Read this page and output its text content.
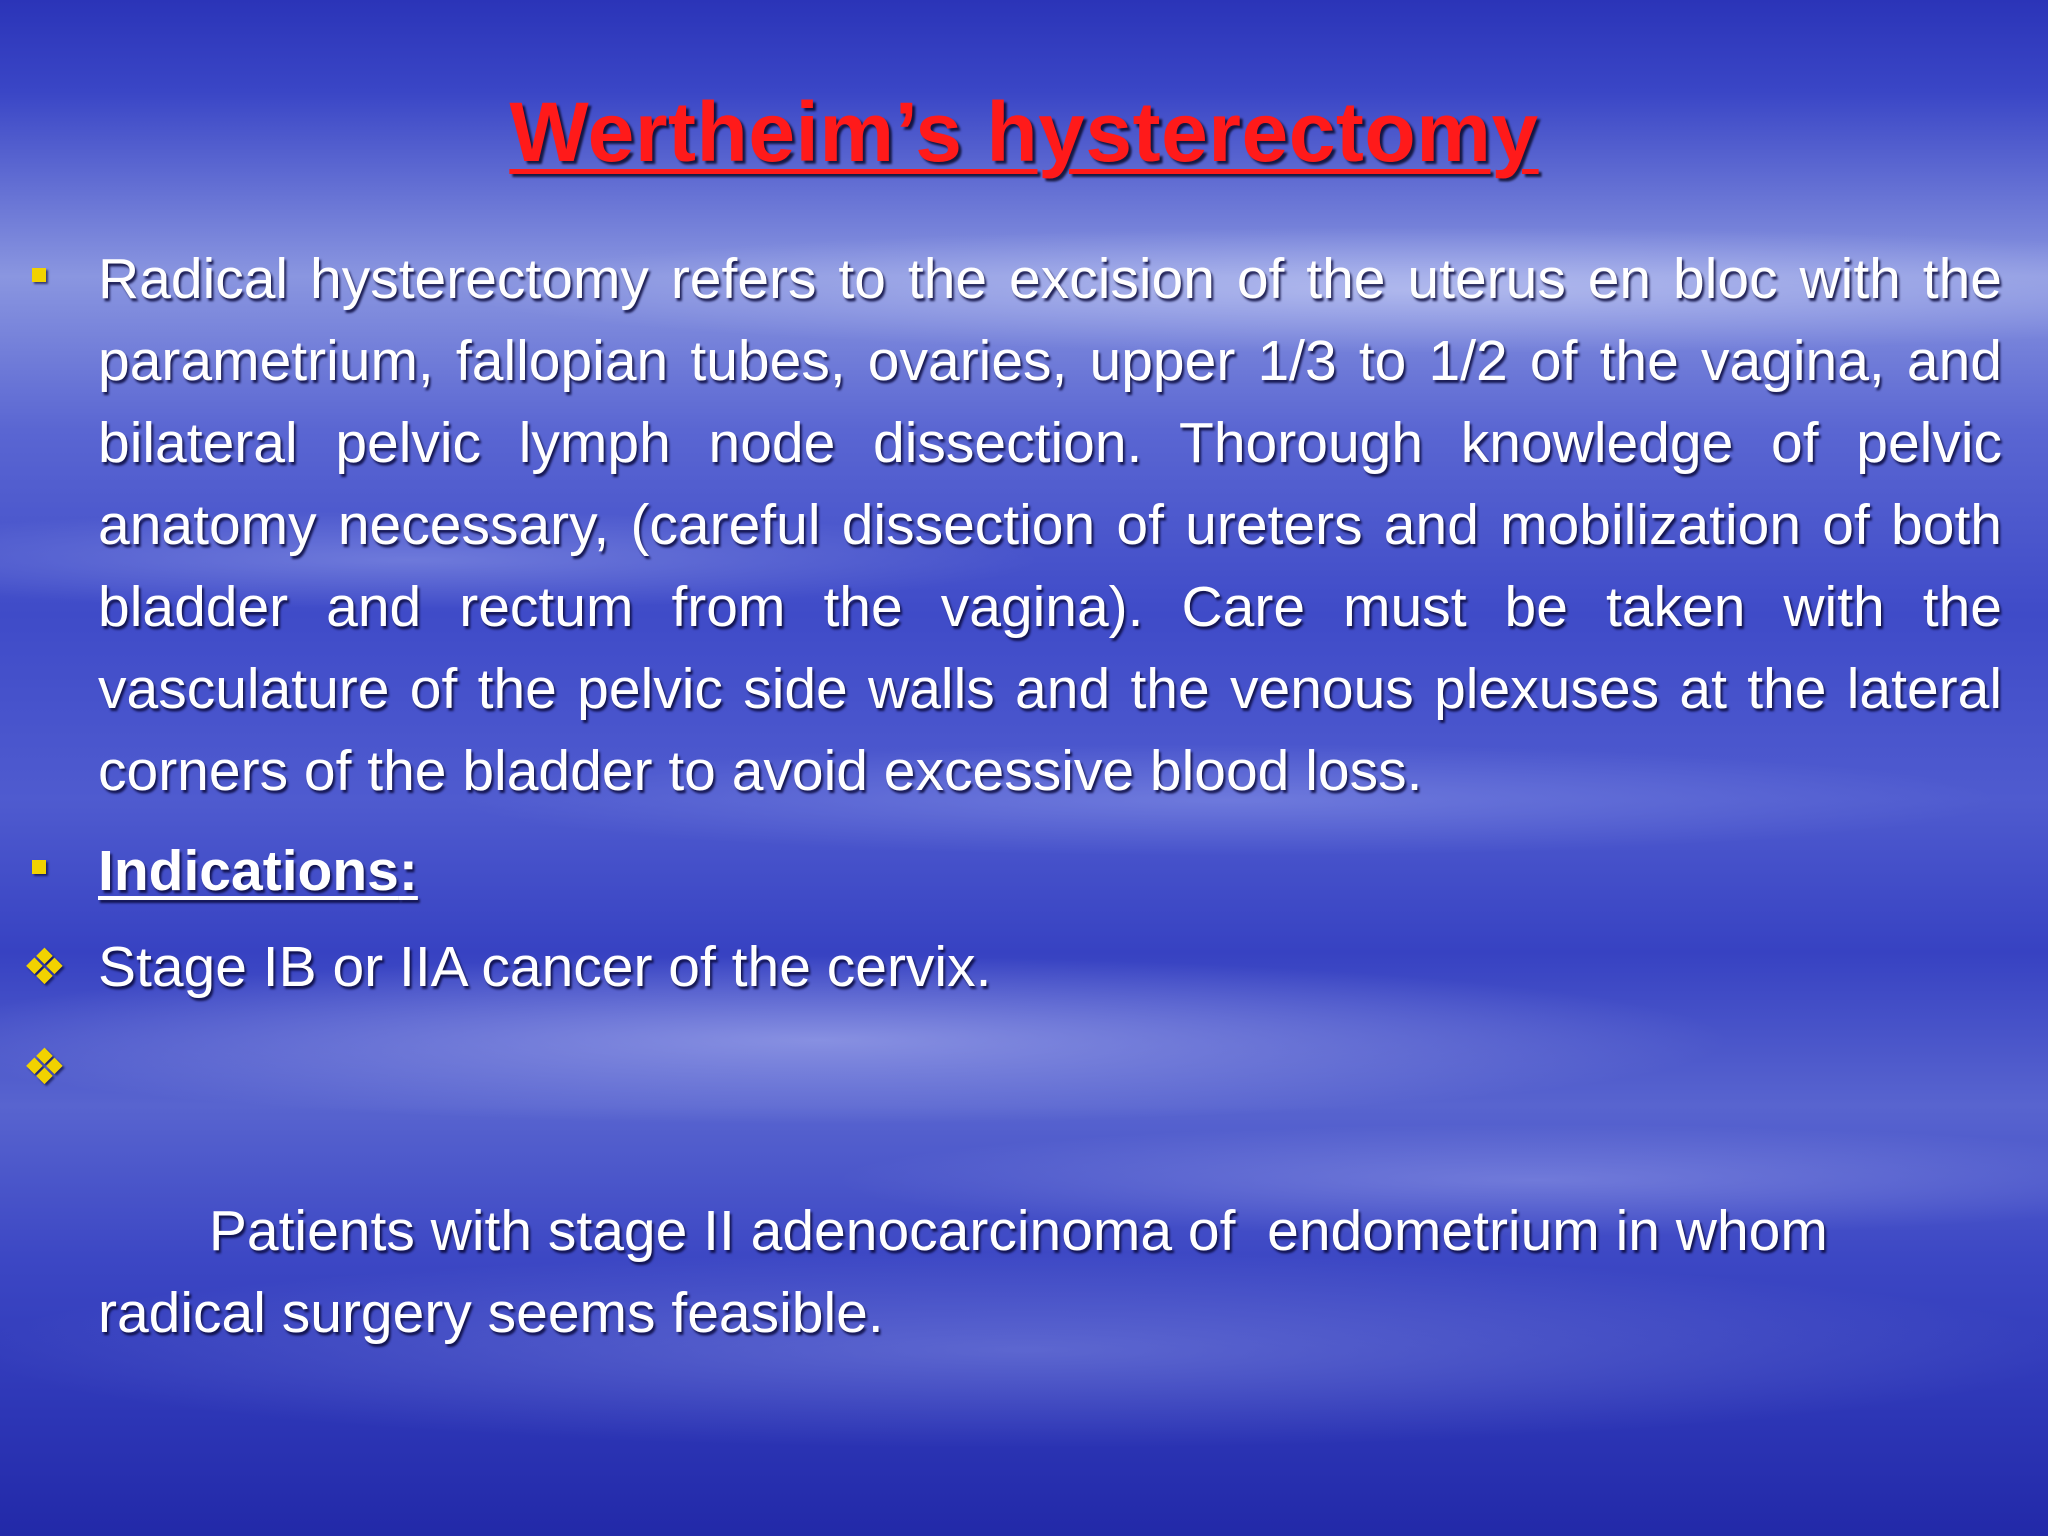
Wertheim’s hysterectomy
Radical hysterectomy refers to the excision of the uterus en bloc with the parametrium, fallopian tubes, ovaries, upper 1/3 to 1/2 of the vagina, and bilateral pelvic lymph node dissection. Thorough knowledge of pelvic anatomy necessary, (careful dissection of ureters and mobilization of both bladder and rectum from the vagina). Care must be taken with the vasculature of the pelvic side walls and the venous plexuses at the lateral corners of the bladder to avoid excessive blood loss.
Indications:
❖ Stage IB or IIA cancer of the cervix.

❖

Patients with stage II adenocarcinoma of  endometrium in whom radical surgery seems feasible.
